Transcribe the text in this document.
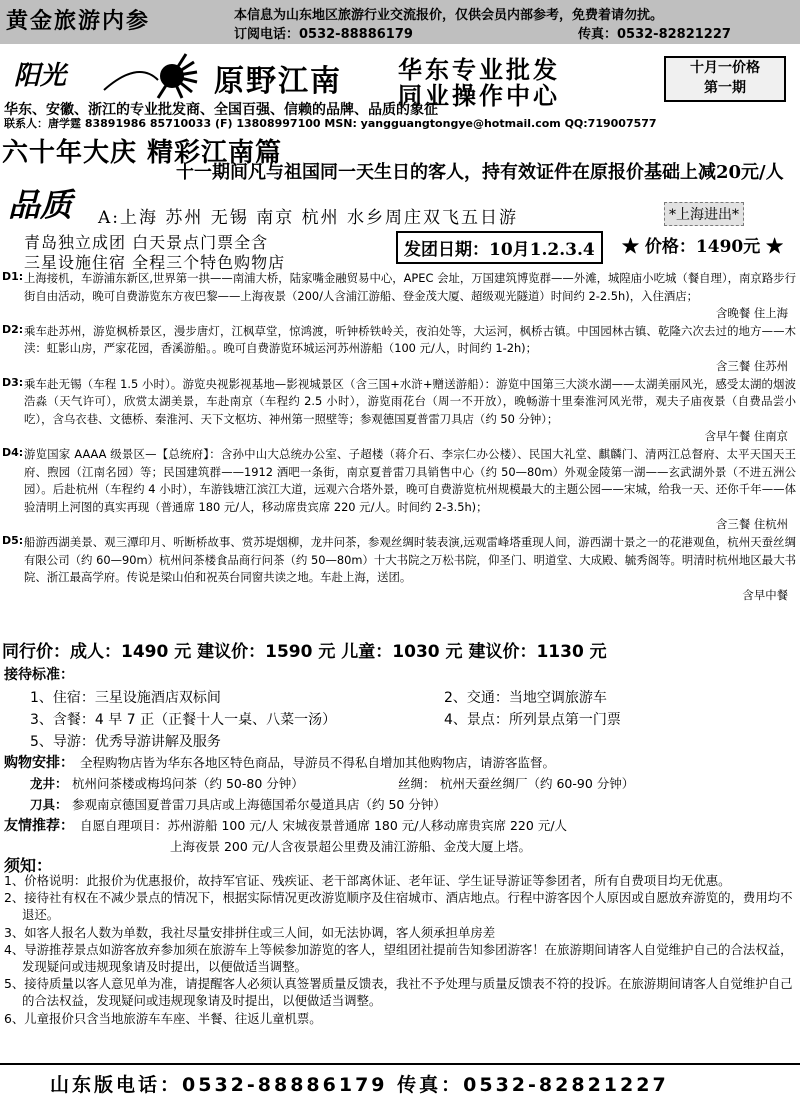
黄金旅游内参	本信息为山东地区旅游行业交流报价，仅供会员内部参考，免费着请勿扰。
订阅电话：0532-88886179	传真：0532-82821227
阳光	原野江南 华东专业批发
同业操作中心
十月一价格
第一期
华东、安徽、浙江的专业批发商、全国百强、信赖的品牌、品质的象征
联系人：唐学霆 83891986 85710033 (F) 13808997100 MSN: yangguangtongye@hotmail.com QQ:719007577
六十年大庆 精彩江南篇
十一期间凡与祖国同一天生日的客人，持有效证件在原报价基础上减20元/人
品质 A:上海 苏州 无锡 南京 杭州 水乡周庄双飞五日游	*上海进出*
青岛独立成团 白天景点门票全含
三星设施住宿 全程三个特色购物店
发团日期：10月1.2.3.4	★ 价格：1490元 ★
D1: 上海接机，车游浦东新区,世界第一拱——南浦大桥，陆家嘴金融贸易中心，APEC 会址，万国建筑博览群——外滩，城隍庙小吃城（餐自理），南京路步行街自由活动，晚可自费游览东方夜巴黎——上海夜景（200/人含浦江游船、登金茂大厦、超级观光隧道）时间约 2-2.5h)，入住酒店；
含晚餐 住上海
D2: 乘车赴苏州，游览枫桥景区，漫步唐灯，江枫草堂，惊鸿渡，听钟桥铁岭关，夜泊处等，大运河，枫桥古镇。中国园林古镇、乾隆六次去过的地方——木渎：虹影山房，严家花园，香溪游船。。晚可自费游览环城运河苏州游船（100 元/人，时间约 1-2h)；
含三餐 住苏州
D3: 乘车赴无锡（车程 1.5 小时）。游览央视影视基地—影视城景区（含三国+水浒+赠送游船）：游览中国第三大淡水湖——太湖美丽风光，感受太湖的烟波浩淼（天气许可），欣赏太湖美景，车赴南京（车程约 2.5 小时），游览雨花台（周一不开放），晚畅游十里秦淮河风光带，观夫子庙夜景（自费品尝小吃），含乌衣巷、文德桥、秦淮河、天下文枢坊、神州第一照壁等；参观德国夏普雷刀具店（约 50 分钟）；
含早午餐 住南京
D4: 游览国家 AAAA 级景区—【总统府】：含孙中山大总统办公室、子超楼（蒋介石、李宗仁办公楼）、民国大礼堂、麒麟门、清两江总督府、太平天国天王府、煦园（江南名园）等；民国建筑群——1912 酒吧一条街，南京夏普雷刀具销售中心（约 50—80m）外观金陵第一湖——玄武湖外景（不进五洲公园）。后赴杭州（车程约 4 小时），车游钱塘江滨江大道，远观六合塔外景，晚可自费游览杭州规模最大的主题公园——宋城，给我一天、还你千年——体验清明上河图的真实再现（普通席 180 元/人，移动席贵宾席 220 元/人。时间约 2-3.5h)；
含三餐 住杭州
D5: 船游西湖美景、观三潭印月、听断桥故事、赏苏堤烟柳，龙井问茶，参观丝绸时装表演,远观雷峰塔重现人间，游西湖十景之一的花港观鱼，杭州天蚕丝绸有限公司（约 60—90m）杭州问茶楼食品商行问茶（约 50—80m）十大书院之万松书院，仰圣门、明道堂、大成殿、毓秀阁等。明清时杭州地区最大书院、浙江最高学府。传说是梁山伯和祝英台同窗共读之地。车赴上海，送团。
含早中餐
同行价：成人：1490 元 建议价：1590 元 儿童：1030 元 建议价：1130 元
接待标准：
1、住宿：三星设施酒店双标间	2、交通：当地空调旅游车
3、含餐：4 早 7 正（正餐十人一桌、八菜一汤）	4、景点：所列景点第一门票
5、导游：优秀导游讲解及服务
购物安排： 全程购物店皆为华东各地区特色商品，导游员不得私自增加其他购物店，请游客监督。
龙井： 杭州问茶楼或梅坞问茶（约 50-80 分钟）	丝绸： 杭州天蚕丝绸厂（约 60-90 分钟）
刀具： 参观南京德国夏普雷刀具店或上海德国希尔曼道具店（约 50 分钟）
友情推荐： 自愿自理项目：苏州游船 100 元/人 宋城夜景普通席 180 元/人移动席贵宾席 220 元/人
上海夜景 200 元/人含夜景超公里费及浦江游船、金茂大厦上塔。
须知：
1、价格说明：此报价为优惠报价，故持军官证、残疾证、老干部离休证、老年证、学生证导游证等参团者，所有自费项目均无优惠。
2、接待社有权在不减少景点的情况下，根据实际情况更改游览顺序及住宿城市、酒店地点。行程中游客因个人原因或自愿放弃游览的，费用均不退还。
3、如客人报名人数为单数，我社尽量安排拼住或三人间，如无法协调，客人须承担单房差
4、导游推荐景点如游客放弃参加须在旅游车上等候参加游览的客人，望组团社提前告知参团游客！在旅游期间请客人自觉维护自己的合法权益，发现疑问或违规现象请及时提出，以便做适当调整。
5、接待质量以客人意见单为准，请提醒客人必须认真签署质量反馈表，我社不予处理与质量反馈表不符的投诉。在旅游期间请客人自觉维护自己的合法权益，发现疑问或违规现象请及时提出，以便做适当调整。
6、儿童报价只含当地旅游车车座、半餐、往返儿童机票。
山东版电话：0532-88886179 传真：0532-82821227
